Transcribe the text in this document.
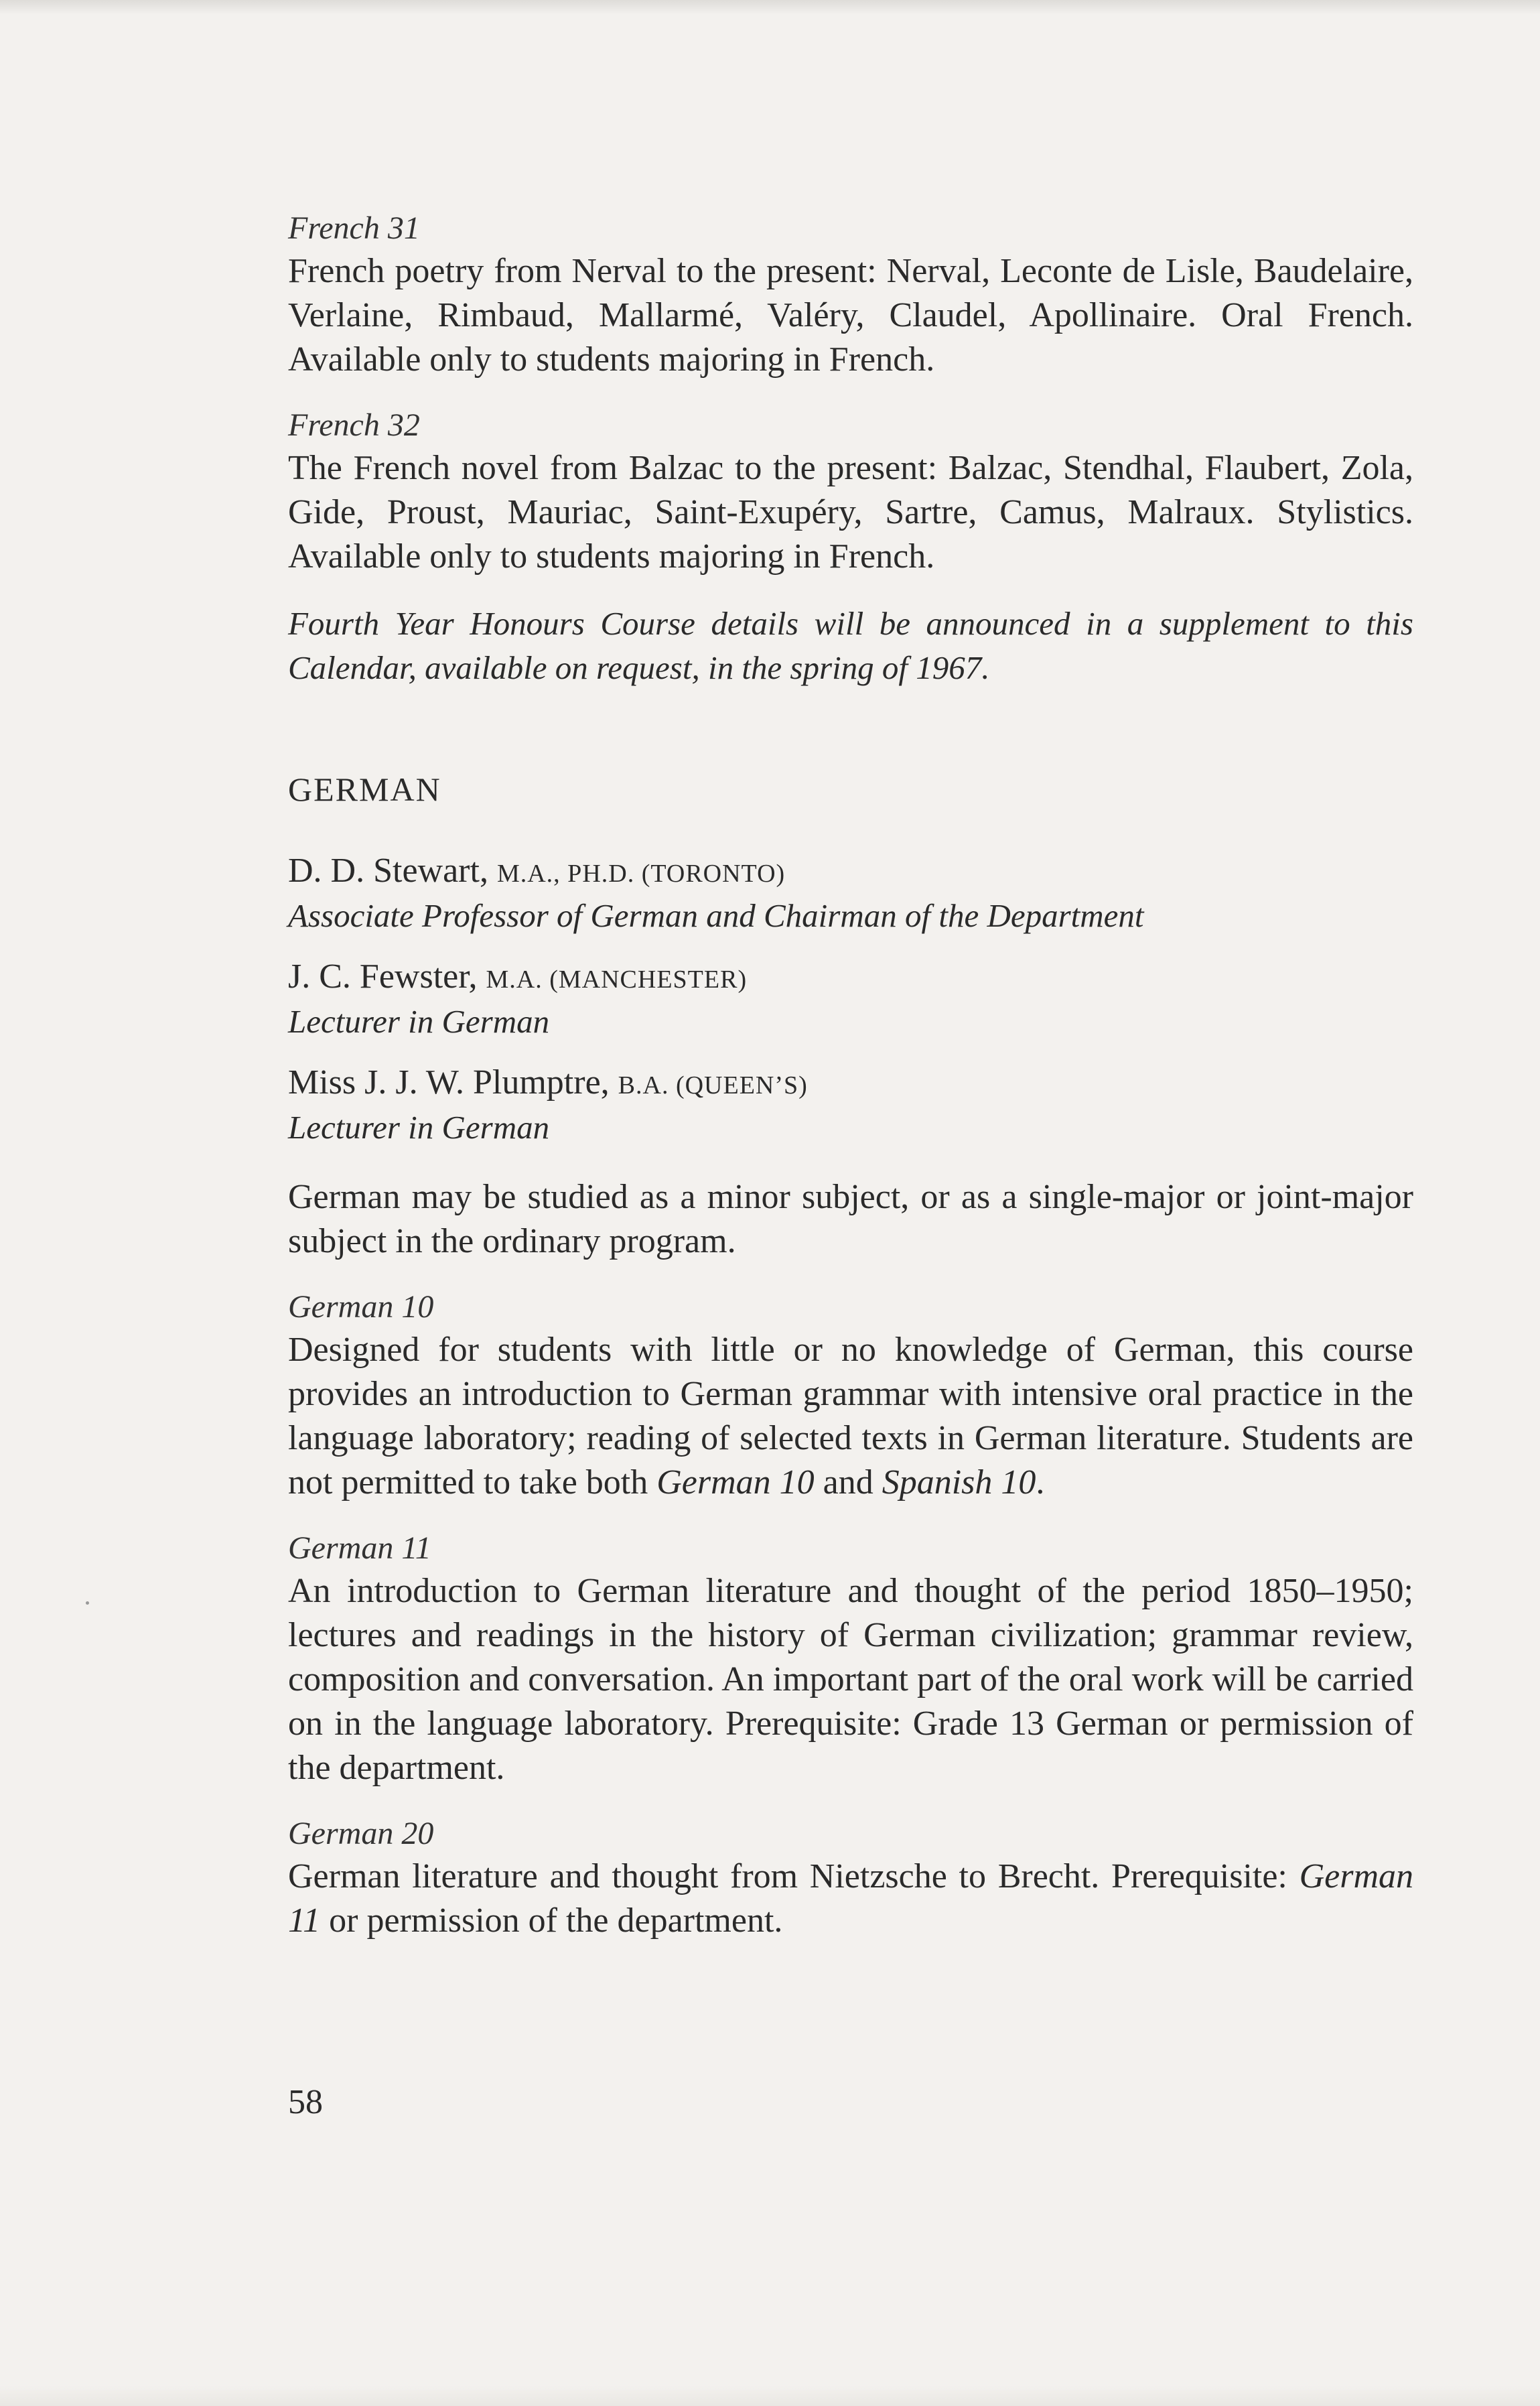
French 31

French poetry from Nerval to the present: Nerval, Leconte de Lisle, Baudelaire, Verlaine, Rimbaud, Mallarmé, Valéry, Claudel, Apollinaire. Oral French. Available only to students majoring in French.

French 32

The French novel from Balzac to the present: Balzac, Stendhal, Flaubert, Zola, Gide, Proust, Mauriac, Saint-Exupéry, Sartre, Camus, Malraux. Stylistics. Available only to students majoring in French.

Fourth Year Honours Course details will be announced in a supplement to this Calendar, available on request, in the spring of 1967.

GERMAN

D. D. Stewart, M.A., PH.D. (TORONTO)

Associate Professor of German and Chairman of the Department

J. C. Fewster, M.A. (MANCHESTER)

Lecturer in German

Miss J. J. W. Plumptre, B.A. (QUEEN’S)

Lecturer in German

German may be studied as a minor subject, or as a single-major or joint-major subject in the ordinary program.

German 10

Designed for students with little or no knowledge of German, this course provides an introduction to German grammar with intensive oral practice in the language laboratory; reading of selected texts in German literature. Students are not permitted to take both German 10 and Spanish 10.

German 11

An introduction to German literature and thought of the period 1850–1950; lectures and readings in the history of German civilization; grammar review, composition and conversation. An important part of the oral work will be carried on in the language laboratory. Prerequisite: Grade 13 German or permission of the department.

German 20

German literature and thought from Nietzsche to Brecht. Prerequisite: German 11 or permission of the department.

58
